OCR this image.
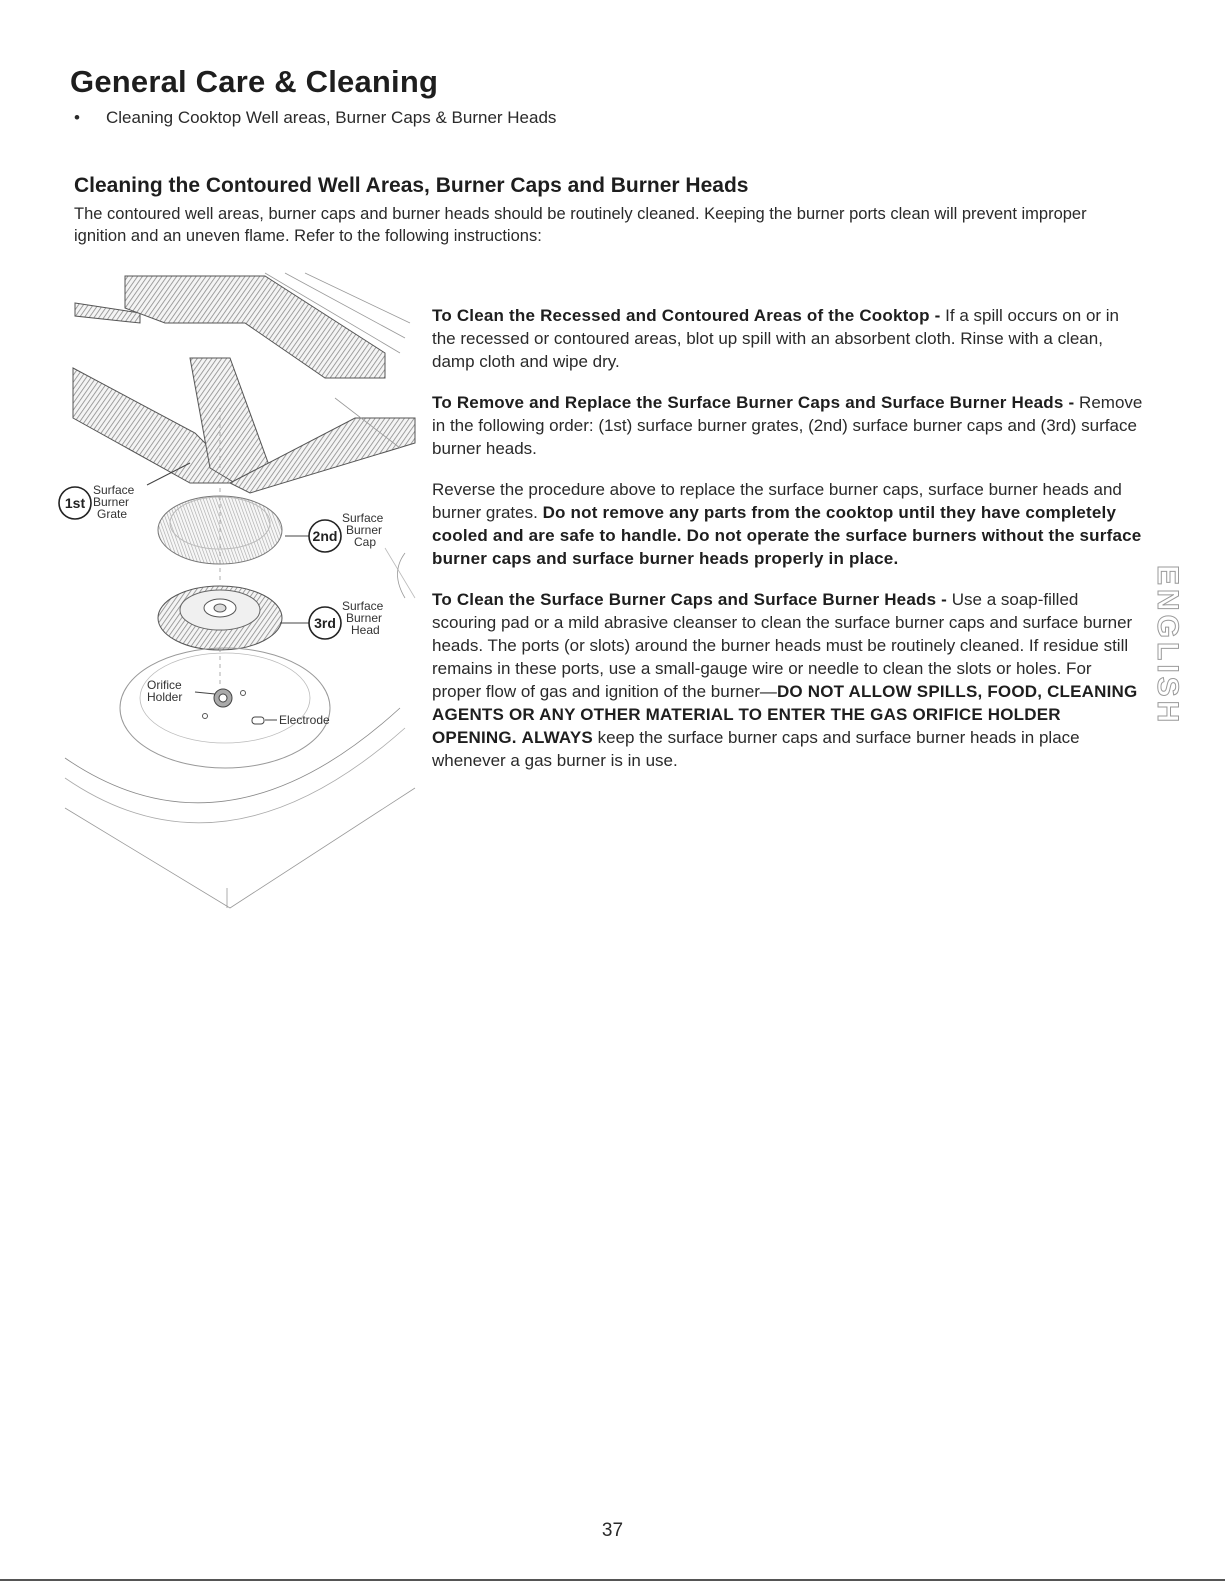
General Care & Cleaning
• Cleaning Cooktop Well areas, Burner Caps & Burner Heads
Cleaning the Contoured Well Areas, Burner Caps and Burner Heads
The contoured well areas, burner caps and burner heads should be routinely cleaned. Keeping the burner ports clean will prevent improper ignition and an uneven flame. Refer to the following instructions:
1st
Surface
Burner
Grate
2nd
Surface
Burner
Cap
3rd
Surface
Burner
Head
Orifice
Holder
Electrode

To Clean the Recessed and Contoured Areas of the Cooktop - If a spill occurs on or in the recessed or contoured areas, blot up spill with an absorbent cloth. Rinse with a clean, damp cloth and wipe dry.

To Remove and Replace the Surface Burner Caps and Surface Burner Heads - Remove in the following order: (1st) surface burner grates, (2nd) surface burner caps and (3rd) surface burner heads.

Reverse the procedure above to replace the surface burner caps, surface burner heads and burner grates. Do not remove any parts from the cooktop until they have completely cooled and are safe to handle. Do not operate the surface burners without the surface burner caps and surface burner heads properly in place.

To Clean the Surface Burner Caps and Surface Burner Heads - Use a soap-filled scouring pad or a mild abrasive cleanser to clean the surface burner caps and surface burner heads. The ports (or slots) around the burner heads must be routinely cleaned. If residue still remains in these ports, use a small-gauge wire or needle to clean the slots or holes. For proper flow of gas and ignition of the burner—DO NOT ALLOW SPILLS, FOOD, CLEANING AGENTS OR ANY OTHER MATERIAL TO ENTER THE GAS ORIFICE HOLDER OPENING. ALWAYS keep the surface burner caps and surface burner heads in place whenever a gas burner is in use.

ENGLISH
37
